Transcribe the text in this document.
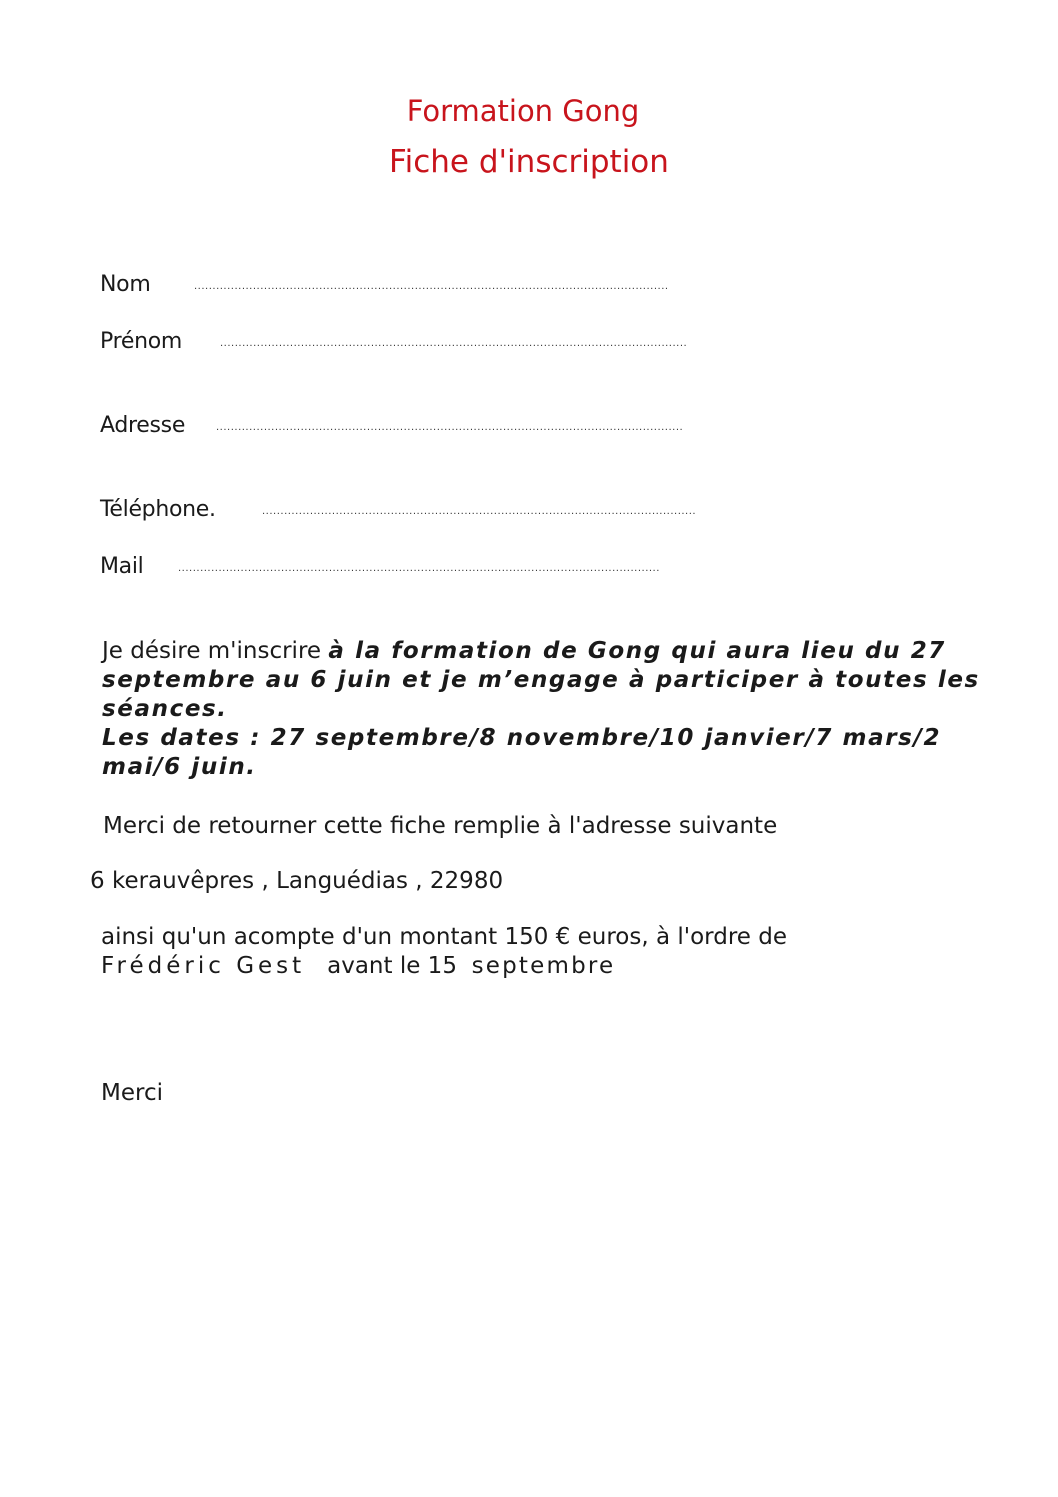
Formation Gong
Fiche d'inscription
Nom	.................................................................................................................................
Prénom	...............................................................................................................................
Adresse	...............................................................................................................................
Téléphone.	......................................................................................................................
Mail	...................................................................................................................................
Je désire m'inscrire à la formation de Gong qui aura lieu du 27
septembre au 6 juin et je m’engage à participer à toutes les
séances.
Les dates : 27 septembre/8 novembre/10 janvier/7 mars/2
mai/6 juin.
Merci de retourner cette fiche remplie à l'adresse suivante
6 kerauvêpres , Languédias , 22980
ainsi qu'un acompte d'un montant 150 € euros, à l'ordre de
Frédéric Gest avant le 15 septembre
Merci
